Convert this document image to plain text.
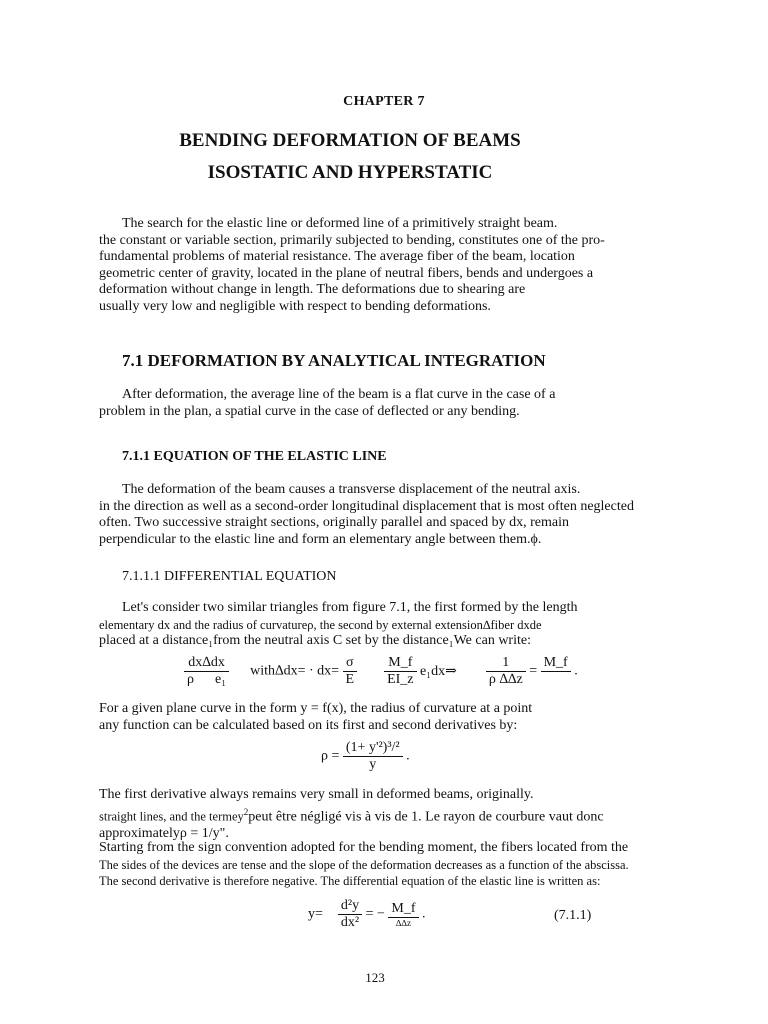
CHAPTER 7
BENDING DEFORMATION OF BEAMS
ISOSTATIC AND HYPERSTATIC

The search for the elastic line or deformed line of a primitively straight beam.

the constant or variable section, primarily subjected to bending, constitutes one of the pro-

fundamental problems of material resistance. The average fiber of the beam, location

geometric center of gravity, located in the plane of neutral fibers, bends and undergoes a

deformation without change in length. The deformations due to shearing are

usually very low and negligible with respect to bending deformations.

7.1 DEFORMATION BY ANALYTICAL INTEGRATION

After deformation, the average line of the beam is a flat curve in the case of a

problem in the plan, a spatial curve in the case of deflected or any bending.

7.1.1 EQUATION OF THE ELASTIC LINE

The deformation of the beam causes a transverse displacement of the neutral axis.

in the direction as well as a second-order longitudinal displacement that is most often neglected

often. Two successive straight sections, originally parallel and spaced by dx, remain

perpendicular to the elastic line and form an elementary angle between them.ϕ.

7.1.1.1 DIFFERENTIAL EQUATION

Let's consider two similar triangles from figure 7.1, the first formed by the length

elementary dx and the radius of curvatureρ, the second by external extension∆fiber dxde

placed at a distance₁from the neutral axis C set by the distance₁We can write:

$\frac{dx\Delta dx}{\text{ρ e₁}}$ with∆dx= · $dx= \frac{\sigma}{E}$
$\frac{M\_f}{EI\_z}$ e₁dx⇒ $\frac{1}{\rho \Delta\Delta z}$ =
M_f

.

For a given plane curve in the form y = f(x), the radius of curvature at a point

any function can be calculated based on its first and second derivatives by:

$\rho = \frac{\text{(1+ y'²)³/²}}{y}$ .

The first derivative always remains very small in deformed beams, originally.

straight lines, and the termey$^2$peut être négligé vis à vis de 1. Le rayon de courbure vaut donc

approximatelyρ = 1/y".

Starting from the sign convention adopted for the bending moment, the fibers located from the

The sides of the devices are tense and the slope of the deformation decreases as a function of the abscissa.

The second derivative is therefore negative. The differential equation of the elastic line is written as:

$y= \frac{\text{d²y}}{\text{dx²}}$ = − $\frac{M\_f}{\Delta\Delta z}$ .	(7.1.1)
123
